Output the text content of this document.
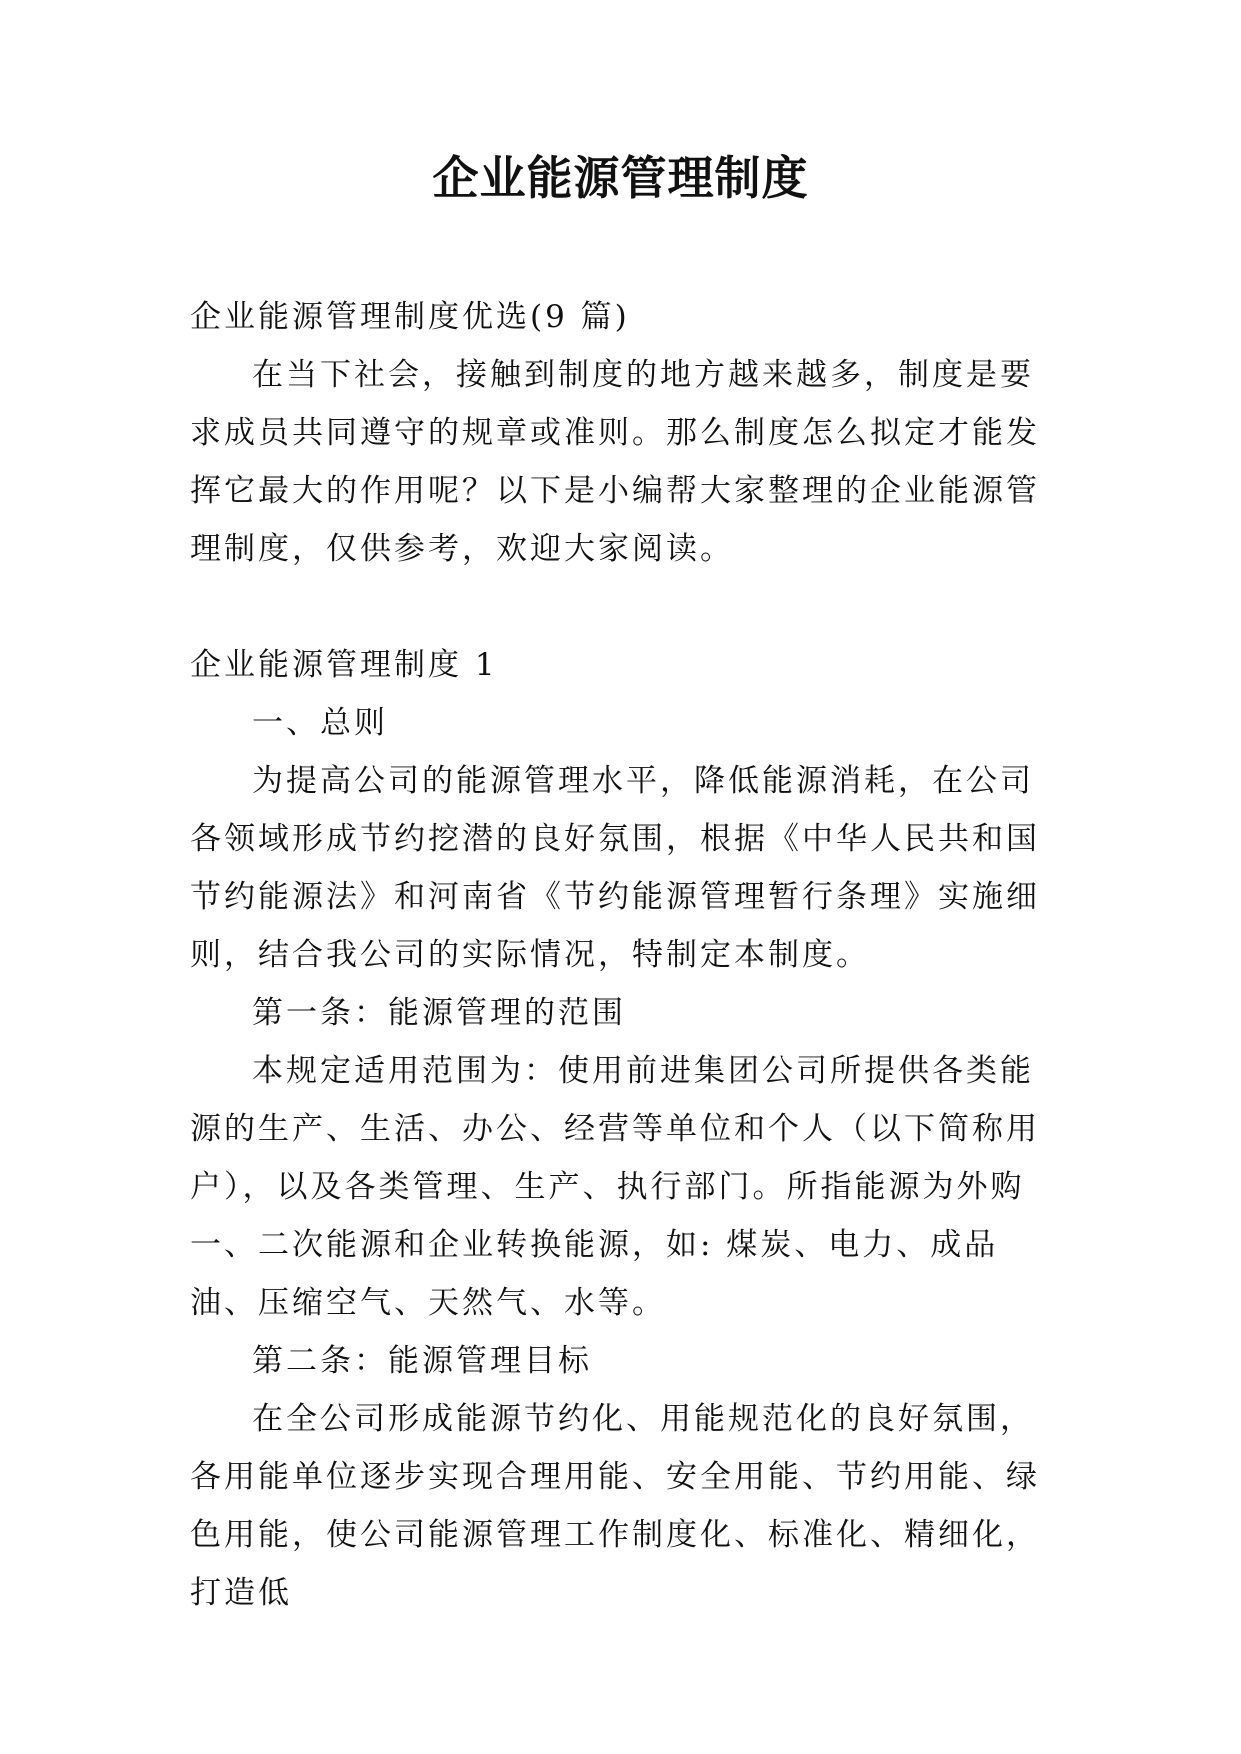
企业能源管理制度

企业能源管理制度优选(9 篇)

在当下社会，接触到制度的地方越来越多，制度是要求成员共同遵守的规章或准则。那么制度怎么拟定才能发挥它最大的作用呢？以下是小编帮大家整理的企业能源管理制度，仅供参考，欢迎大家阅读。

企业能源管理制度 1

一、总则

为提高公司的能源管理水平，降低能源消耗，在公司各领域形成节约挖潜的良好氛围，根据《中华人民共和国节约能源法》和河南省《节约能源管理暂行条理》实施细则，结合我公司的实际情况，特制定本制度。

第一条：能源管理的范围

本规定适用范围为：使用前进集团公司所提供各类能源的生产、生活、办公、经营等单位和个人（以下简称用户），以及各类管理、生产、执行部门。所指能源为外购一、二次能源和企业转换能源，如: 煤炭、电力、成品油、压缩空气、天然气、水等。

第二条：能源管理目标

在全公司形成能源节约化、用能规范化的良好氛围，各用能单位逐步实现合理用能、安全用能、节约用能、绿色用能，使公司能源管理工作制度化、标准化、精细化，打造低
